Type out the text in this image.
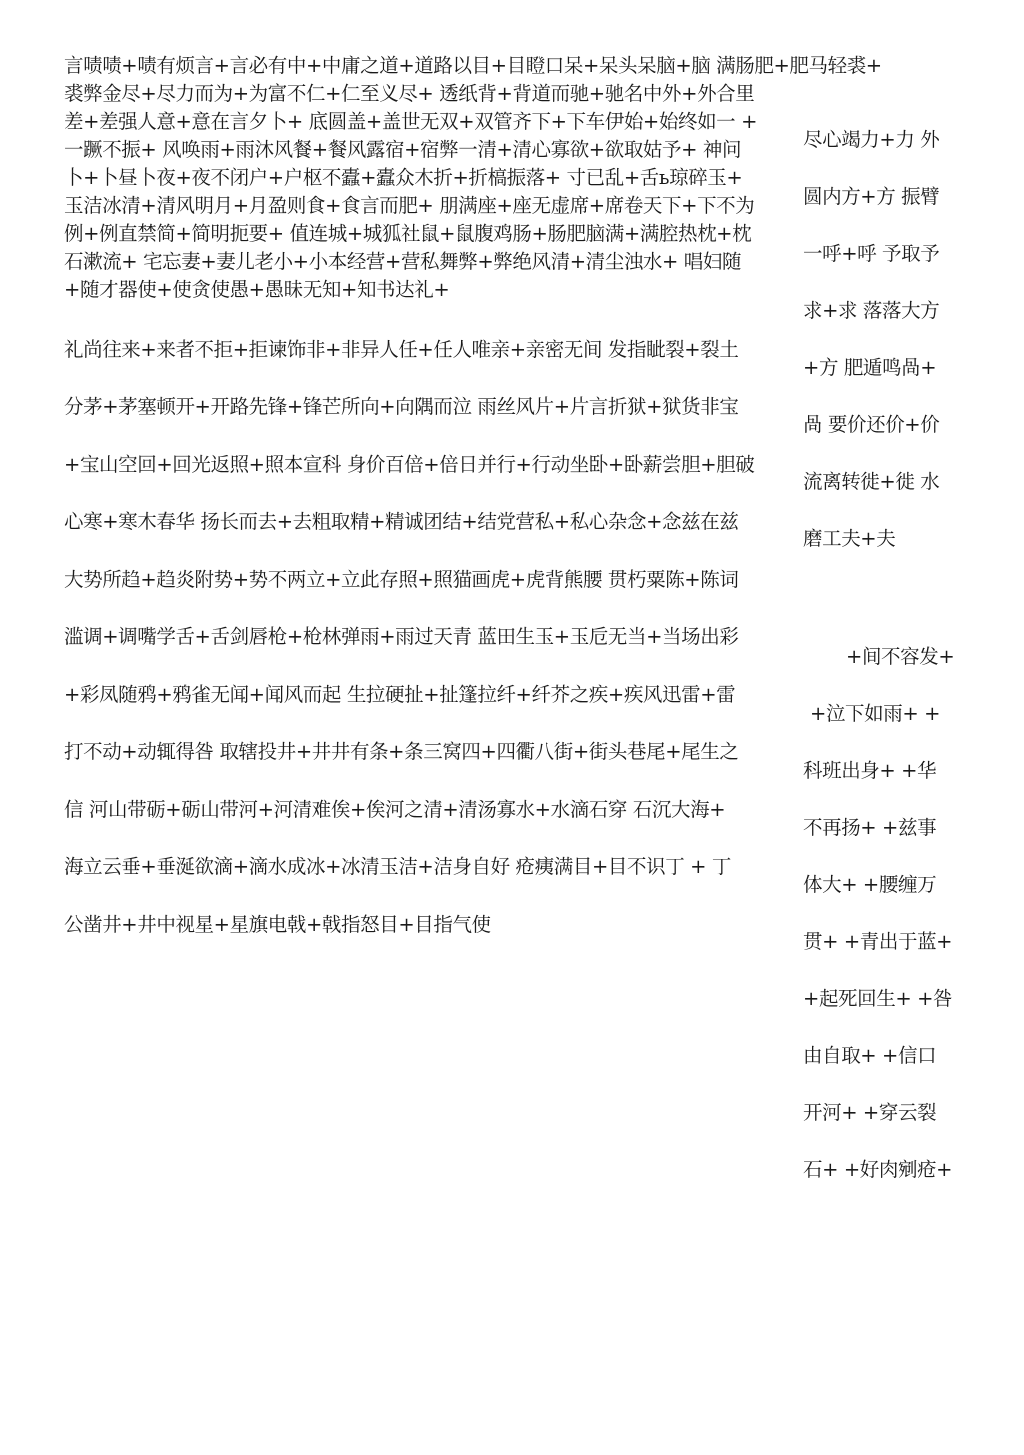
言啧啧+啧有烦言+言必有中+中庸之道+道路以目+目瞪口呆+呆头呆脑+脑 满肠肥+肥马轻裘+
裘弊金尽+尽力而为+为富不仁+仁至义尽+ 透纸背+背道而驰+驰名中外+外合里
差+差强人意+意在言夕卜+ 底圆盖+盖世无双+双管齐下+下车伊始+始终如一 +
一蹶不振+ 风唤雨+雨沐风餐+餐风露宿+宿弊一清+清心寡欲+欲取姑予+ 神问
卜+卜昼卜夜+夜不闭户+户枢不蠹+蠹众木折+折槁振落+ 寸已乱+舌ь琼碎玉+
玉洁冰清+清风明月+月盈则食+食言而肥+ 朋满座+座无虚席+席卷天下+下不为
例+例直禁简+简明扼要+ 值连城+城狐社鼠+鼠腹鸡肠+肠肥脑满+满腔热枕+枕
石漱流+ 宅忘妻+妻儿老小+小本经营+营私舞弊+弊绝风清+清尘浊水+ 唱妇随
+随才器使+使贪使愚+愚昧无知+知书达礼+
礼尚往来+来者不拒+拒谏饰非+非异人任+任人唯亲+亲密无间 发指眦裂+裂土
分茅+茅塞顿开+开路先锋+锋芒所向+向隅而泣 雨丝风片+片言折狱+狱货非宝
+宝山空回+回光返照+照本宣科 身价百倍+倍日并行+行动坐卧+卧薪尝胆+胆破
心寒+寒木春华 扬长而去+去粗取精+精诚团结+结党营私+私心杂念+念兹在兹
大势所趋+趋炎附势+势不两立+立此存照+照猫画虎+虎背熊腰 贯朽粟陈+陈词
滥调+调嘴学舌+舌剑唇枪+枪林弹雨+雨过天青 蓝田生玉+玉卮无当+当场出彩
+彩凤随鸦+鸦雀无闻+闻风而起 生拉硬扯+扯篷拉纤+纤芥之疾+疾风迅雷+雷
打不动+动辄得咎 取辖投井+井井有条+条三窝四+四衢八街+街头巷尾+尾生之
信 河山带砺+砺山带河+河清难俟+俟河之清+清汤寡水+水滴石穿 石沉大海+
海立云垂+垂涎欲滴+滴水成冰+冰清玉洁+洁身自好 疮痍满目+目不识丁 + 丁
公凿井+井中视星+星旗电戟+戟指怒目+目指气使
尽心竭力+力 外
圆内方+方 振臂
一呼+呼 予取予
求+求 落落大方
+方 肥遁鸣咼+
咼 要价还价+价
流离转徙+徙 水
磨工夫+夫
+间不容发+
+泣下如雨+ +
科班出身+ +华
不再扬+ +兹事
体大+ +腰缠万
贯+ +青出于蓝+
+起死回生+ +咎
由自取+ +信口
开河+ +穿云裂
石+ +好肉剜疮+
